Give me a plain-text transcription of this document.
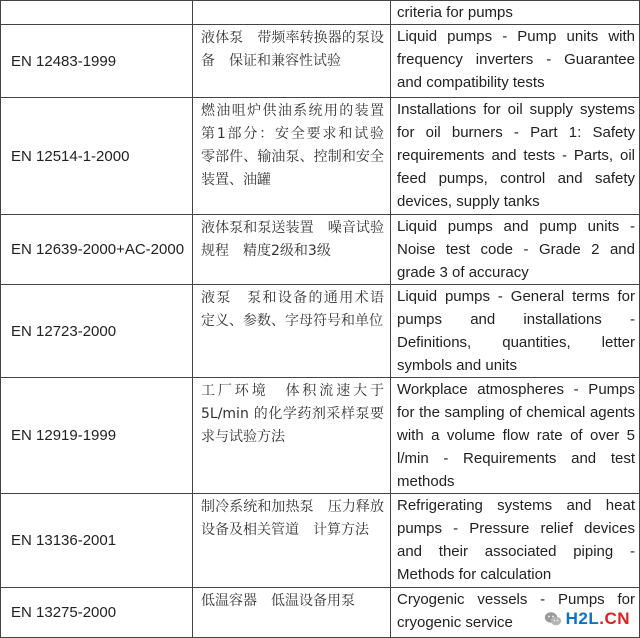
criteria for pumps
EN 12483-1999
液体泵　带频率转换器的泵设备　保证和兼容性试验
Liquid pumps - Pump units with frequency inverters - Guarantee and compatibility tests
EN 12514-1-2000
燃油咀炉供油系统用的装置　第1部分：安全要求和试验　零部件、输油泵、控制和安全装置、油罐
Installations for oil supply systems for oil burners - Part 1: Safety requirements and tests - Parts, oil feed pumps, control and safety devices, supply tanks
EN 12639-2000+AC-2000
液体泵和泵送装置　噪音试验规程　精度2级和3级
Liquid pumps and pump units - Noise test code - Grade 2 and grade 3 of accuracy
EN 12723-2000
液泵　泵和设备的通用术语　定义、参数、字母符号和单位
Liquid pumps - General terms for pumps and installations - Definitions, quantities, letter symbols and units
EN 12919-1999
工厂环境　体积流速大于5L/min 的化学药剂采样泵要求与试验方法
Workplace atmospheres - Pumps for the sampling of chemical agents with a volume flow rate of over 5 l/min - Requirements and test methods
EN 13136-2001
制冷系统和加热泵　压力释放设备及相关管道　计算方法
Refrigerating systems and heat pumps - Pressure relief devices and their associated piping - Methods for calculation
EN 13275-2000
低温容器　低温设备用泵	Cryogenic vessels - Pumps for cryogenic service	H2L.CN
